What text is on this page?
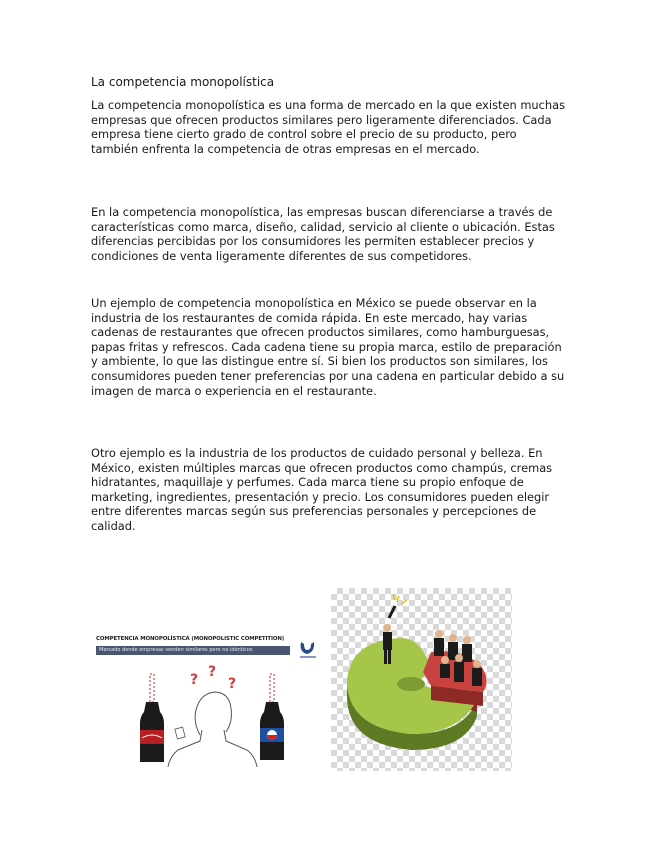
La competencia monopolística

La competencia monopolística es una forma de mercado en la que existen muchas empresas que ofrecen productos similares pero ligeramente diferenciados. Cada empresa tiene cierto grado de control sobre el precio de su producto, pero también enfrenta la competencia de otras empresas en el mercado.

En la competencia monopolística, las empresas buscan diferenciarse a través de características como marca, diseño, calidad, servicio al cliente o ubicación. Estas diferencias percibidas por los consumidores les permiten establecer precios y condiciones de venta ligeramente diferentes de sus competidores.

Un ejemplo de competencia monopolística en México se puede observar en la industria de los restaurantes de comida rápida. En este mercado, hay varias cadenas de restaurantes que ofrecen productos similares, como hamburguesas, papas fritas y refrescos. Cada cadena tiene su propia marca, estilo de preparación y ambiente, lo que las distingue entre sí. Si bien los productos son similares, los consumidores pueden tener preferencias por una cadena en particular debido a su imagen de marca o experiencia en el restaurante.

Otro ejemplo es la industria de los productos de cuidado personal y belleza. En México, existen múltiples marcas que ofrecen productos como champús, cremas hidratantes, maquillaje y perfumes. Cada marca tiene su propio enfoque de marketing, ingredientes, presentación y precio. Los consumidores pueden elegir entre diferentes marcas según sus preferencias personales y percepciones de calidad.

? ?
?
COMPETENCIA MONOPOLÍSTICA (MONOPOLISTIC COMPETITION)
Mercado donde empresas venden similares pero no idénticos
